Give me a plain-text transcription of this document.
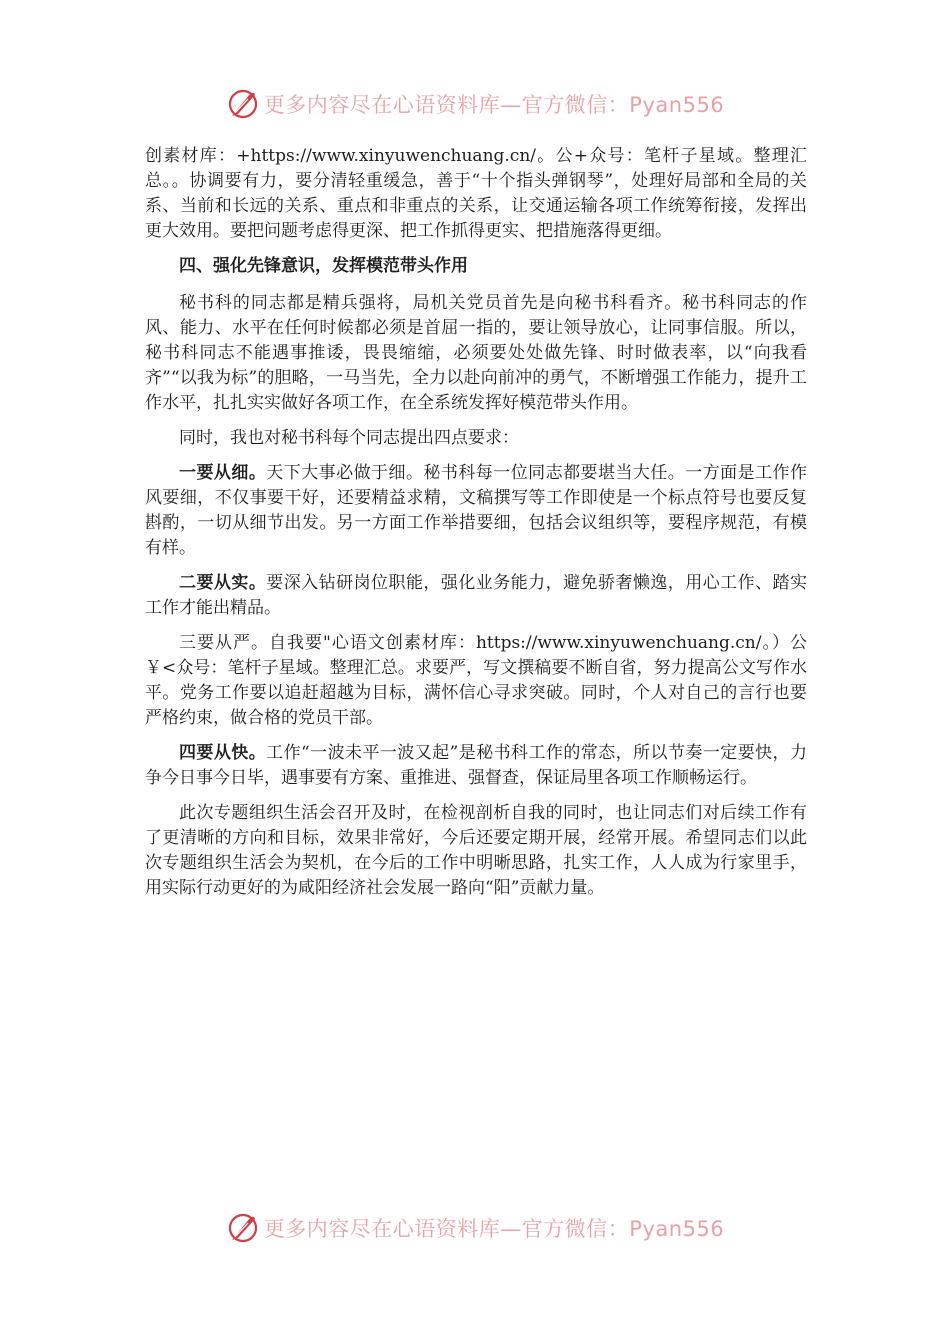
更多内容尽在心语资料库—官方微信：Pyan556

创素材库：+https://www.xinyuwenchuang.cn/。公+众号：笔杆子星域。整理汇总。。协调要有力，要分清轻重缓急，善于“十个指头弹钢琴”，处理好局部和全局的关系、当前和长远的关系、重点和非重点的关系，让交通运输各项工作统筹衔接，发挥出更大效用。要把问题考虑得更深、把工作抓得更实、把措施落得更细。

四、强化先锋意识，发挥模范带头作用

秘书科的同志都是精兵强将，局机关党员首先是向秘书科看齐。秘书科同志的作风、能力、水平在任何时候都必须是首屈一指的，要让领导放心，让同事信服。所以，秘书科同志不能遇事推诿，畏畏缩缩，必须要处处做先锋、时时做表率，以“向我看齐”“以我为标”的胆略，一马当先，全力以赴向前冲的勇气，不断增强工作能力，提升工作水平，扎扎实实做好各项工作，在全系统发挥好模范带头作用。

同时，我也对秘书科每个同志提出四点要求：

一要从细。天下大事必做于细。秘书科每一位同志都要堪当大任。一方面是工作作风要细，不仅事要干好，还要精益求精，文稿撰写等工作即使是一个标点符号也要反复斟酌，一切从细节出发。另一方面工作举措要细，包括会议组织等，要程序规范，有模有样。

二要从实。要深入钻研岗位职能，强化业务能力，避免骄奢懒逸，用心工作、踏实工作才能出精品。

三要从严。自我要"心语文创素材库：https://www.xinyuwenchuang.cn/。）公￥<众号：笔杆子星域。整理汇总。求要严，写文撰稿要不断自省，努力提高公文写作水平。党务工作要以追赶超越为目标，满怀信心寻求突破。同时，个人对自己的言行也要严格约束，做合格的党员干部。

四要从快。工作“一波未平一波又起”是秘书科工作的常态，所以节奏一定要快，力争今日事今日毕，遇事要有方案、重推进、强督查，保证局里各项工作顺畅运行。

此次专题组织生活会召开及时，在检视剖析自我的同时，也让同志们对后续工作有了更清晰的方向和目标，效果非常好，今后还要定期开展，经常开展。希望同志们以此次专题组织生活会为契机，在今后的工作中明晰思路，扎实工作，人人成为行家里手，用实际行动更好的为咸阳经济社会发展一路向“阳”贡献力量。

更多内容尽在心语资料库—官方微信：Pyan556
